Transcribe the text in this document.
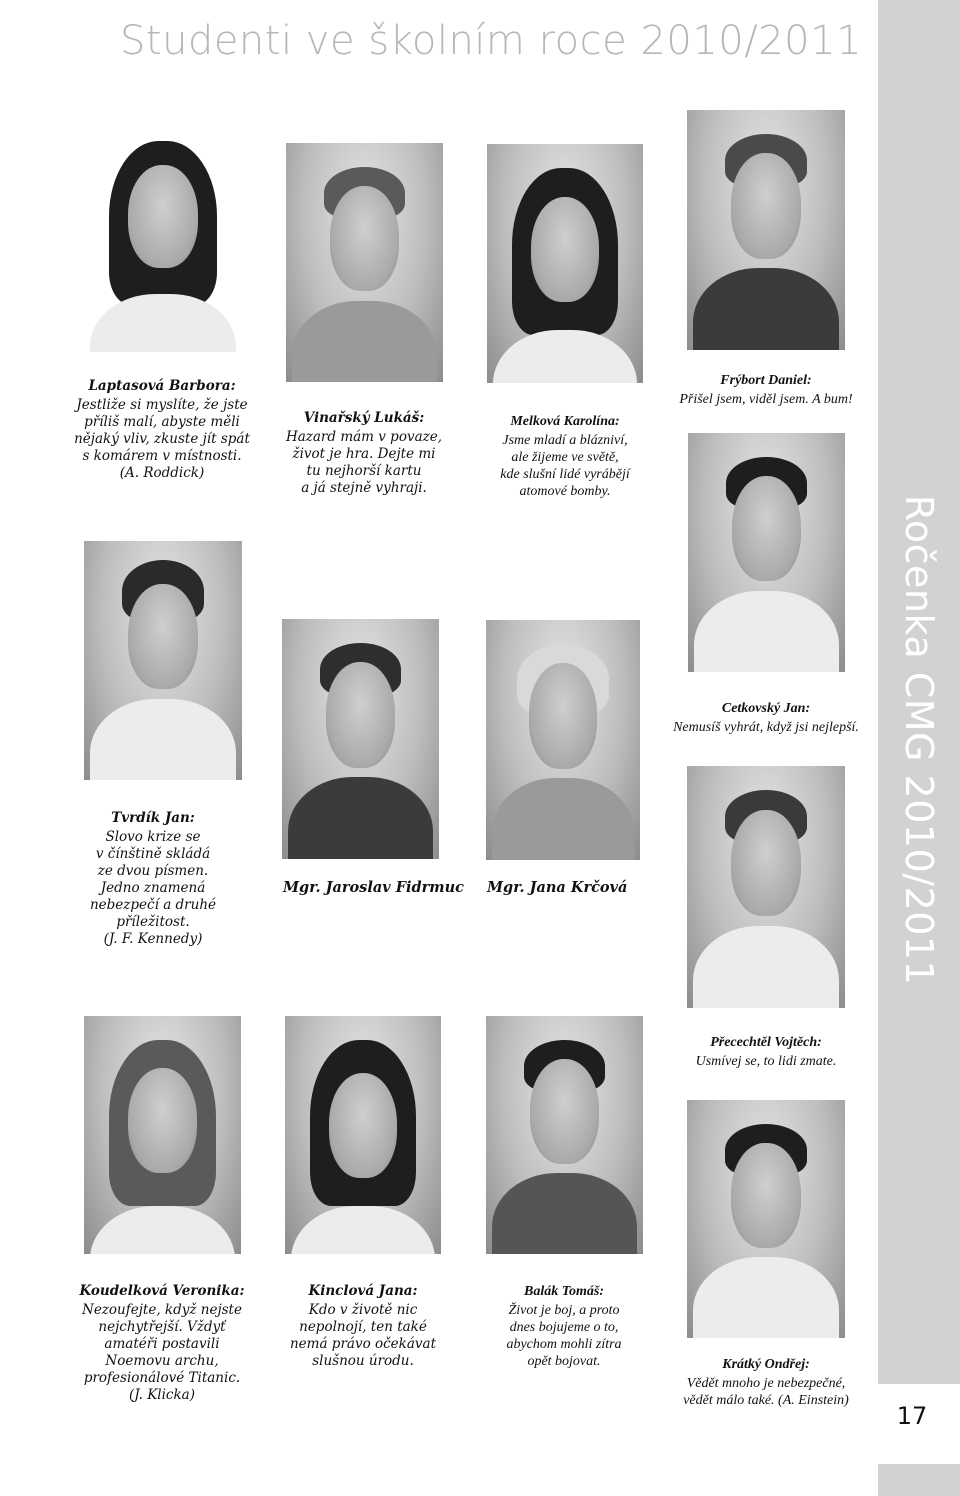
Studenti ve školním roce 2010/2011
Ročenka CMG 2010/2011
17
Laptasová Barbora:
Jestliže si myslíte, že jste
příliš malí, abyste měli
nějaký vliv, zkuste jít spát
s komárem v místnosti.
(A. Roddick)
Vinařský Lukáš:
Hazard mám v povaze,
život je hra. Dejte mi
tu nejhorší kartu
a já stejně vyhraji.
Melková Karolína:
Jsme mladí a blázniví,
ale žijeme ve světě,
kde slušní lidé vyrábějí
atomové bomby.
Frýbort Daniel:
Přišel jsem, viděl jsem. A bum!
Tvrdík Jan:
Slovo krize se
v čínštině skládá
ze dvou písmen.
Jedno znamená
nebezpečí a druhé
příležitost.
(J. F. Kennedy)
Mgr. Jaroslav Fidrmuc Mgr. Jana Krčová
Cetkovský Jan:
Nemusíš vyhrát, když jsi nejlepší.
Přecechtěl Vojtěch:
Usmívej se, to lidi zmate.
Koudelková Veronika:
Nezoufejte, když nejste
nejchytřejší. Vždyť
amatéři postavili
Noemovu archu,
profesionálové Titanic.
(J. Klicka)
Kinclová Jana:
Kdo v životě nic
nepolnojí, ten také
nemá právo očekávat
slušnou úrodu.
Balák Tomáš:
Život je boj, a proto
dnes bojujeme o to,
abychom mohli zítra
opět bojovat.	Krátký Ondřej:
Vědět mnoho je nebezpečné,
vědět málo také. (A. Einstein)
